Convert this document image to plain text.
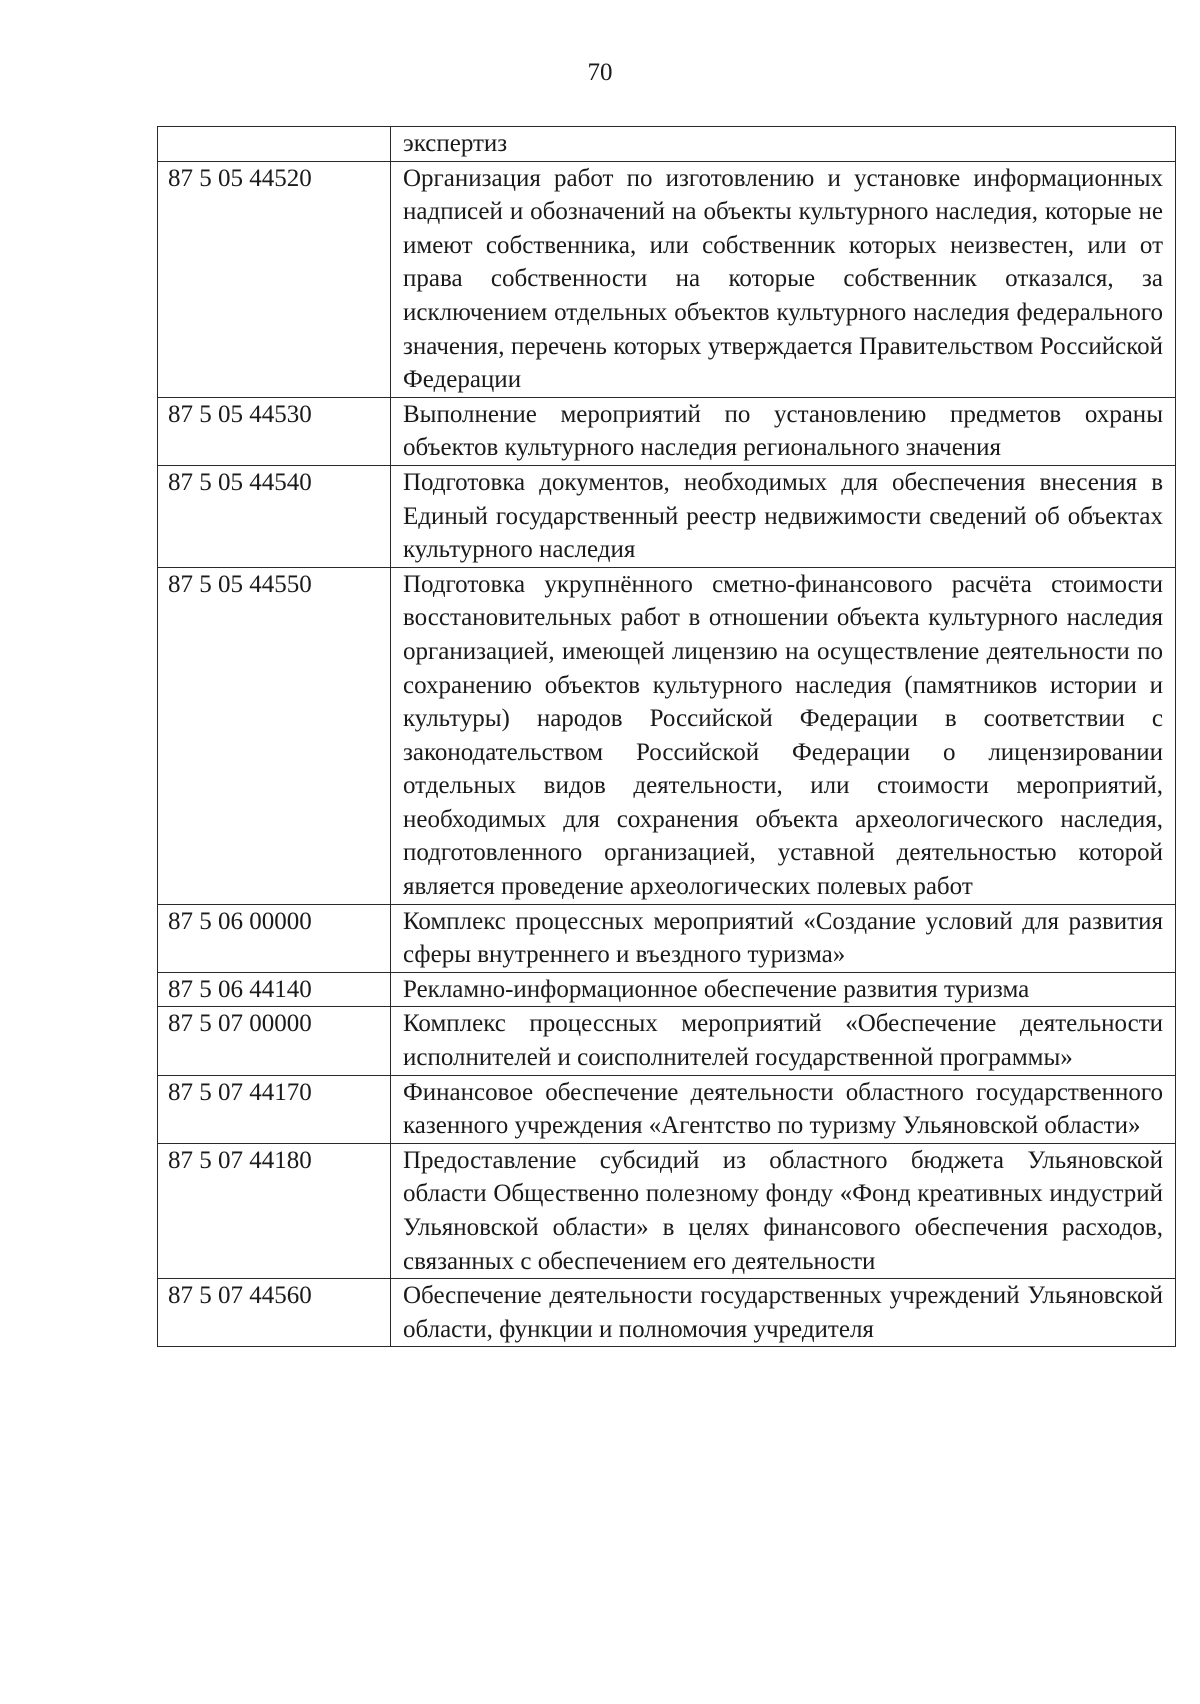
70
	экспертиз
87 5 05 44520	Организация работ по изготовлению и установке информационных надписей и обозначений на объекты культурного наследия, которые не имеют собственника, или собственник которых неизвестен, или от права собственности на которые собственник отказался, за исключением отдельных объектов культурного наследия федерального значения, перечень которых утверждается Правительством Российской Федерации
87 5 05 44530	Выполнение мероприятий по установлению предметов охраны объектов культурного наследия регионального значения
87 5 05 44540	Подготовка документов, необходимых для обеспечения внесения в Единый государственный реестр недвижимости сведений об объектах культурного наследия
87 5 05 44550	Подготовка укрупнённого сметно-финансового расчёта стоимости восстановительных работ в отношении объекта культурного наследия организацией, имеющей лицензию на осуществление деятельности по сохранению объектов культурного наследия (памятников истории и культуры) народов Российской Федерации в соответствии с законодательством Российской Федерации о лицензировании отдельных видов деятельности, или стоимости мероприятий, необходимых для сохранения объекта археологического наследия, подготовленного организацией, уставной деятельностью которой является проведение археологических полевых работ
87 5 06 00000	Комплекс процессных мероприятий «Создание условий для развития сферы внутреннего и въездного туризма»
87 5 06 44140	Рекламно-информационное обеспечение развития туризма
87 5 07 00000	Комплекс процессных мероприятий «Обеспечение деятельности исполнителей и соисполнителей государственной программы»
87 5 07 44170	Финансовое обеспечение деятельности областного государственного казенного учреждения «Агентство по туризму Ульяновской области»
87 5 07 44180	Предоставление субсидий из областного бюджета Ульяновской области Общественно полезному фонду «Фонд креативных индустрий Ульяновской области» в целях финансового обеспечения расходов, связанных с обеспечением его деятельности
87 5 07 44560	Обеспечение деятельности государственных учреждений Ульяновской области, функции и полномочия учредителя
